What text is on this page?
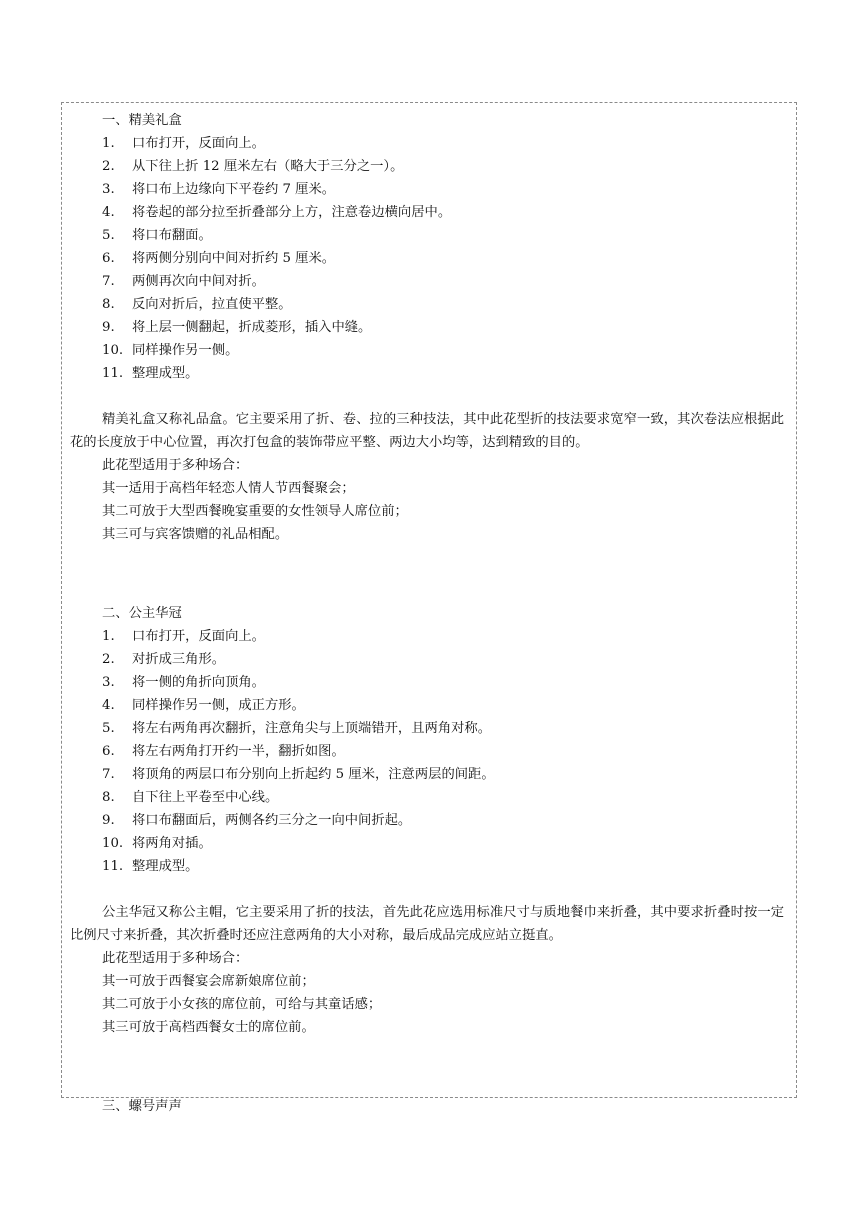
一、精美礼盒
1.	口布打开，反面向上。
2.	从下往上折 12 厘米左右（略大于三分之一）。
3.	将口布上边缘向下平卷约 7 厘米。
4.	将卷起的部分拉至折叠部分上方，注意卷边横向居中。
5.	将口布翻面。
6.	将两侧分别向中间对折约 5 厘米。
7.	两侧再次向中间对折。
8.	反向对折后，拉直使平整。
9.	将上层一侧翻起，折成菱形，插入中缝。
10. 同样操作另一侧。
11. 整理成型。

精美礼盒又称礼品盒。它主要采用了折、卷、拉的三种技法，其中此花型折的技法要求宽窄一致，其次卷法应根据此花的长度放于中心位置，再次打包盒的装饰带应平整、两边大小均等，达到精致的目的。

此花型适用于多种场合：
其一适用于高档年轻恋人情人节西餐聚会；
其二可放于大型西餐晚宴重要的女性领导人席位前；
其三可与宾客馈赠的礼品相配。
二、公主华冠
1.	口布打开，反面向上。
2.	对折成三角形。
3.	将一侧的角折向顶角。
4.	同样操作另一侧，成正方形。
5.	将左右两角再次翻折，注意角尖与上顶端错开，且两角对称。
6.	将左右两角打开约一半，翻折如图。
7.	将顶角的两层口布分别向上折起约 5 厘米，注意两层的间距。
8.	自下往上平卷至中心线。
9.	将口布翻面后，两侧各约三分之一向中间折起。
10. 将两角对插。
11. 整理成型。

公主华冠又称公主帽，它主要采用了折的技法，首先此花应选用标准尺寸与质地餐巾来折叠，其中要求折叠时按一定比例尺寸来折叠，其次折叠时还应注意两角的大小对称，最后成品完成应站立挺直。

此花型适用于多种场合：
其一可放于西餐宴会席新娘席位前；
其二可放于小女孩的席位前，可给与其童话感；
其三可放于高档西餐女士的席位前。
三、螺号声声
